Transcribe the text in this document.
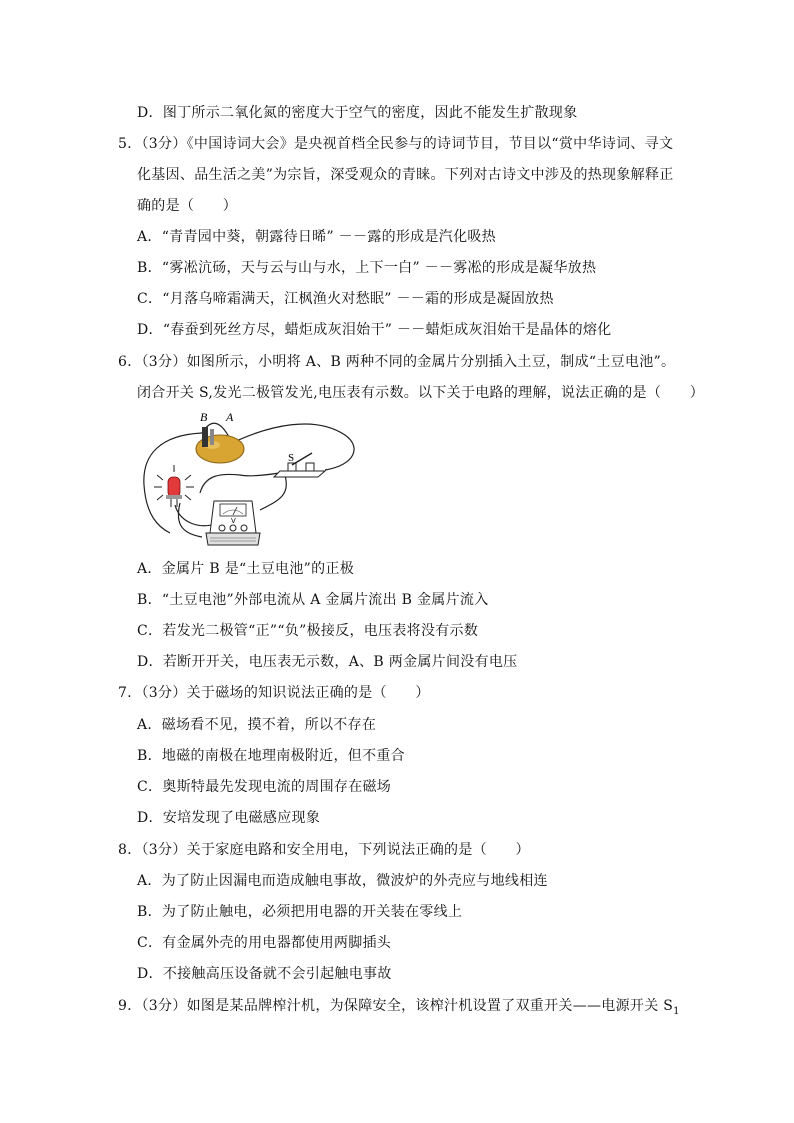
D．图丁所示二氧化氮的密度大于空气的密度，因此不能发生扩散现象
5．（3分）《中国诗词大会》是央视首档全民参与的诗词节目，节目以“赏中华诗词、寻文
化基因、品生活之美”为宗旨，深受观众的青睐。下列对古诗文中涉及的热现象解释正
确的是（　　）
A．“青青园中葵，朝露待日晞” －－露的形成是汽化吸热
B．“雾凇沆砀，天与云与山与水，上下一白” －－雾凇的形成是凝华放热
C．“月落乌啼霜满天，江枫渔火对愁眠” －－霜的形成是凝固放热
D．“春蚕到死丝方尽，蜡炬成灰泪始干” －－蜡炬成灰泪始干是晶体的熔化
6．（3分）如图所示，小明将 A、B 两种不同的金属片分别插入土豆，制成“土豆电池”。
闭合开关 S,发光二极管发光,电压表有示数。以下关于电路的理解，说法正确的是（　　）
B A
S
V
A．金属片 B 是“土豆电池”的正极
B．“土豆电池”外部电流从 A 金属片流出 B 金属片流入
C．若发光二极管“正”“负”极接反，电压表将没有示数
D．若断开开关，电压表无示数，A、B 两金属片间没有电压
7．（3分）关于磁场的知识说法正确的是（　　）
A．磁场看不见，摸不着，所以不存在
B．地磁的南极在地理南极附近，但不重合
C．奥斯特最先发现电流的周围存在磁场
D．安培发现了电磁感应现象
8．（3分）关于家庭电路和安全用电，下列说法正确的是（　　）
A．为了防止因漏电而造成触电事故，微波炉的外壳应与地线相连
B．为了防止触电，必须把用电器的开关装在零线上
C．有金属外壳的用电器都使用两脚插头
D．不接触高压设备就不会引起触电事故
9．（3分）如图是某品牌榨汁机，为保障安全，该榨汁机设置了双重开关——电源开关 $S_1$
